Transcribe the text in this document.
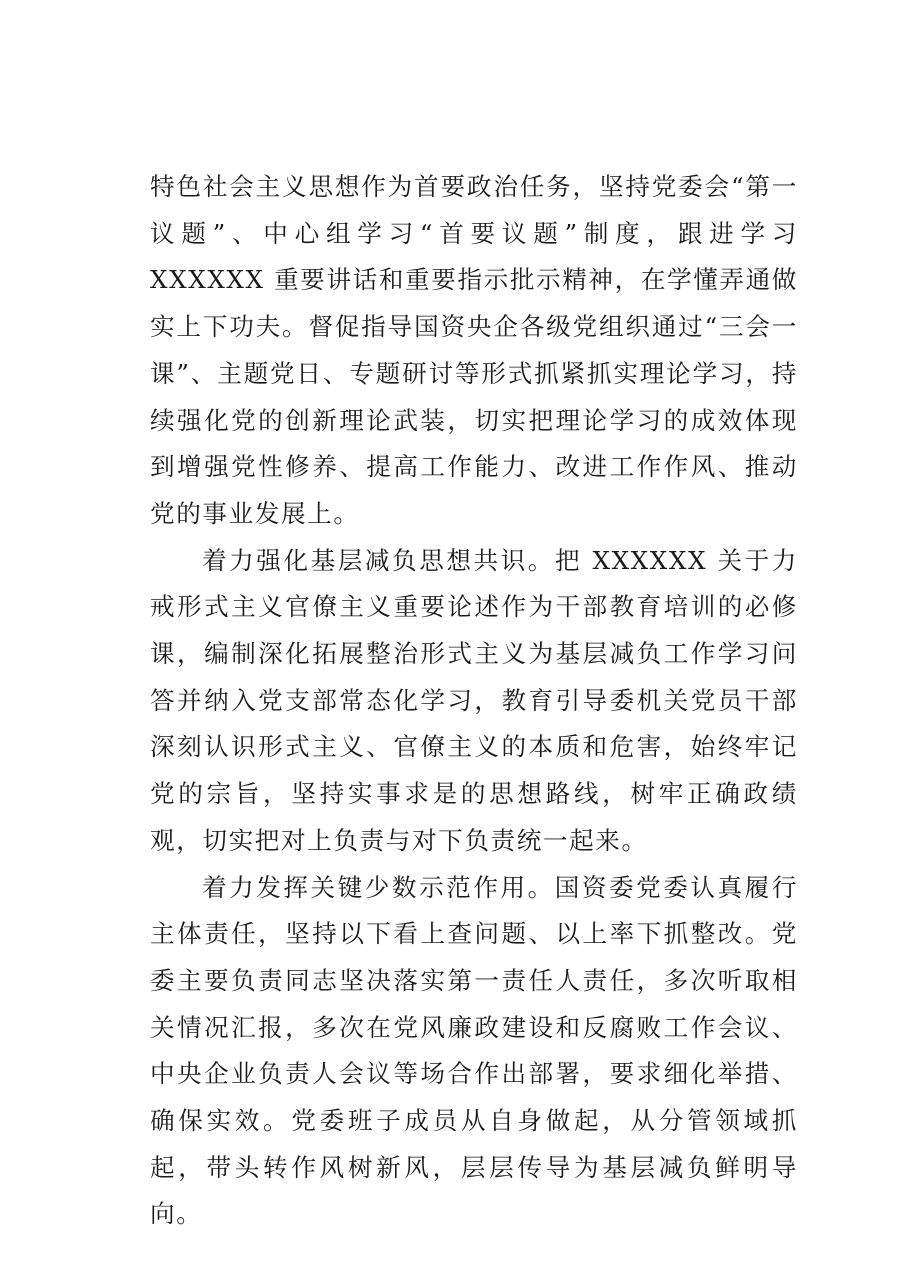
特色社会主义思想作为首要政治任务，坚持党委会“第一议题”、中心组学习“首要议题”制度，跟进学习 XXXXXX 重要讲话和重要指示批示精神，在学懂弄通做实上下功夫。督促指导国资央企各级党组织通过“三会一课”、主题党日、专题研讨等形式抓紧抓实理论学习，持续强化党的创新理论武装，切实把理论学习的成效体现到增强党性修养、提高工作能力、改进工作作风、推动党的事业发展上。

着力强化基层减负思想共识。把 XXXXXX 关于力戒形式主义官僚主义重要论述作为干部教育培训的必修课，编制深化拓展整治形式主义为基层减负工作学习问答并纳入党支部常态化学习，教育引导委机关党员干部深刻认识形式主义、官僚主义的本质和危害，始终牢记党的宗旨，坚持实事求是的思想路线，树牢正确政绩观，切实把对上负责与对下负责统一起来。

着力发挥关键少数示范作用。国资委党委认真履行主体责任，坚持以下看上查问题、以上率下抓整改。党委主要负责同志坚决落实第一责任人责任，多次听取相关情况汇报，多次在党风廉政建设和反腐败工作会议、中央企业负责人会议等场合作出部署，要求细化举措、确保实效。党委班子成员从自身做起，从分管领域抓起，带头转作风树新风，层层传导为基层减负鲜明导向。
